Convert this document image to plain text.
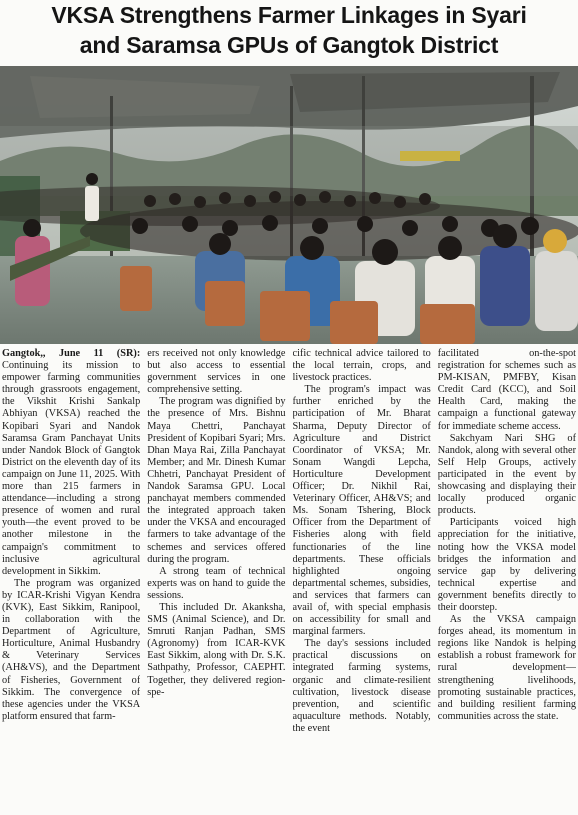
VKSA Strengthens Farmer Linkages in Syari
and Saramsa GPUs of Gangtok District

Gangtok,, June 11 (SR): Continuing its mission to empower farming communities through grassroots engagement, the Vikshit Krishi Sankalp Abhiyan (VKSA) reached the Kopibari Syari and Nandok Saramsa Gram Panchayat Units under Nandok Block of Gangtok District on the eleventh day of its campaign on June 11, 2025. With more than 215 farmers in attendance—including a strong presence of women and rural youth—the event proved to be another milestone in the campaign's commitment to inclusive agricultural development in Sikkim.

The program was organized by ICAR-Krishi Vigyan Kendra (KVK), East Sikkim, Ranipool, in collaboration with the Department of Agriculture, Horticulture, Animal Husbandry & Veterinary Services (AH&VS), and the Department of Fisheries, Government of Sikkim. The convergence of these agencies under the VKSA platform ensured that farm-

ers received not only knowledge but also access to essential government services in one comprehensive setting.

The program was dignified by the presence of Mrs. Bishnu Maya Chettri, Panchayat President of Kopibari Syari; Mrs. Dhan Maya Rai, Zilla Panchayat Member; and Mr. Dinesh Kumar Chhetri, Panchayat President of Nandok Saramsa GPU. Local panchayat members commended the integrated approach taken under the VKSA and encouraged farmers to take advantage of the schemes and services offered during the program.

A strong team of technical experts was on hand to guide the sessions.

This included Dr. Akanksha, SMS (Animal Science), and Dr. Smruti Ranjan Padhan, SMS (Agronomy) from ICAR-KVK East Sikkim, along with Dr. S.K. Sathpathy, Professor, CAEPHT. Together, they delivered region-spe-

cific technical advice tailored to the local terrain, crops, and livestock practices.

The program's impact was further enriched by the participation of Mr. Bharat Sharma, Deputy Director of Agriculture and District Coordinator of VKSA; Mr. Sonam Wangdi Lepcha, Horticulture Development Officer; Dr. Nikhil Rai, Veterinary Officer, AH&VS; and Ms. Sonam Tshering, Block Officer from the Department of Fisheries along with field functionaries of the line departments. These officials highlighted ongoing departmental schemes, subsidies, and services that farmers can avail of, with special emphasis on accessibility for small and marginal farmers.

The day's sessions included practical discussions on integrated farming systems, organic and climate-resilient cultivation, livestock disease prevention, and scientific aquaculture methods. Notably, the event

facilitated on-the-spot registration for schemes such as PM-KISAN, PMFBY, Kisan Credit Card (KCC), and Soil Health Card, making the campaign a functional gateway for immediate scheme access.

Sakchyam Nari SHG of Nandok, along with several other Self Help Groups, actively participated in the event by showcasing and displaying their locally produced organic products.

Participants voiced high appreciation for the initiative, noting how the VKSA model bridges the information and service gap by delivering technical expertise and government benefits directly to their doorstep.

As the VKSA campaign forges ahead, its momentum in regions like Nandok is helping establish a robust framework for rural development—strengthening livelihoods, promoting sustainable practices, and building resilient farming communities across the state.
